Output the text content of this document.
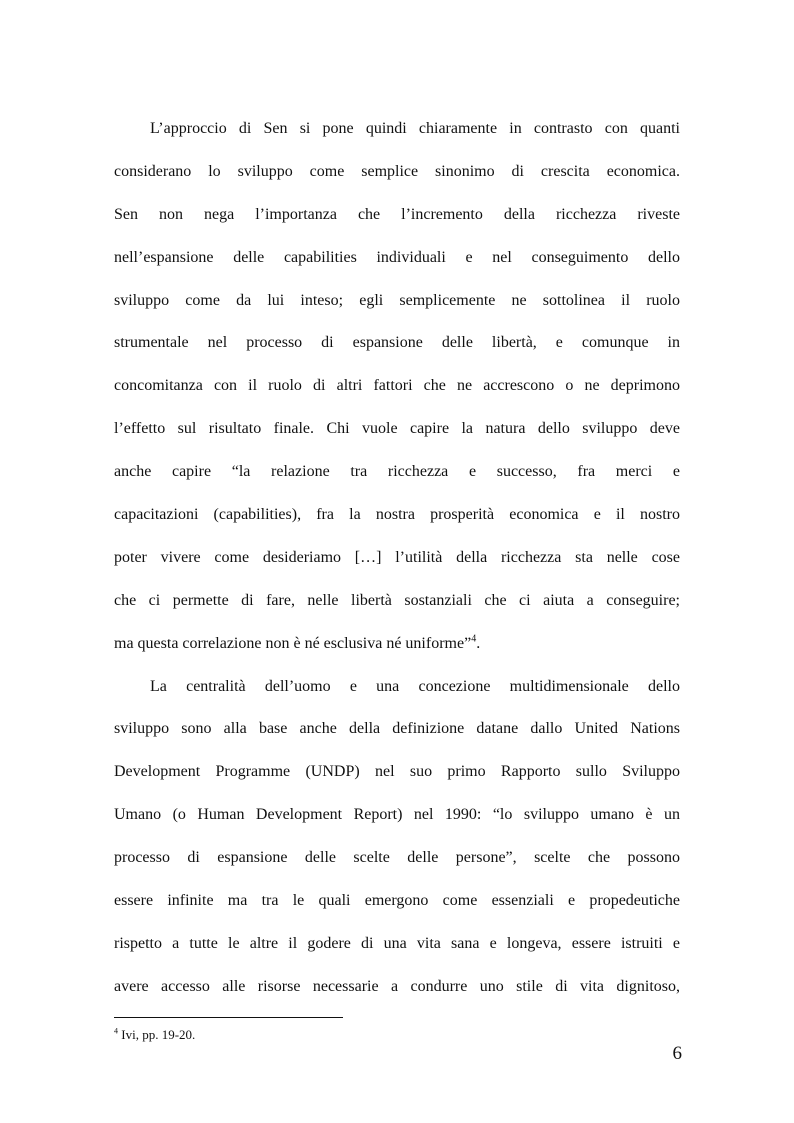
L’approccio di Sen si pone quindi chiaramente in contrasto con quanti
considerano lo sviluppo come semplice sinonimo di crescita economica.
Sen non nega l’importanza che l’incremento della ricchezza riveste
nell’espansione delle capabilities individuali e nel conseguimento dello
sviluppo come da lui inteso; egli semplicemente ne sottolinea il ruolo
strumentale nel processo di espansione delle libertà, e comunque in
concomitanza con il ruolo di altri fattori che ne accrescono o ne deprimono
l’effetto sul risultato finale. Chi vuole capire la natura dello sviluppo deve
anche capire “la relazione tra ricchezza e successo, fra merci e
capacitazioni (capabilities), fra la nostra prosperità economica e il nostro
poter vivere come desideriamo […] l’utilità della ricchezza sta nelle cose
che ci permette di fare, nelle libertà sostanziali che ci aiuta a conseguire;
ma questa correlazione non è né esclusiva né uniforme”$^4$.
La centralità dell’uomo e una concezione multidimensionale dello
sviluppo sono alla base anche della definizione datane dallo United Nations
Development Programme (UNDP) nel suo primo Rapporto sullo Sviluppo
Umano (o Human Development Report) nel 1990: “lo sviluppo umano è un
processo di espansione delle scelte delle persone”, scelte che possono
essere infinite ma tra le quali emergono come essenziali e propedeutiche
rispetto a tutte le altre il godere di una vita sana e longeva, essere istruiti e
avere accesso alle risorse necessarie a condurre uno stile di vita dignitoso,
$^4$ Ivi, pp. 19-20.
6
